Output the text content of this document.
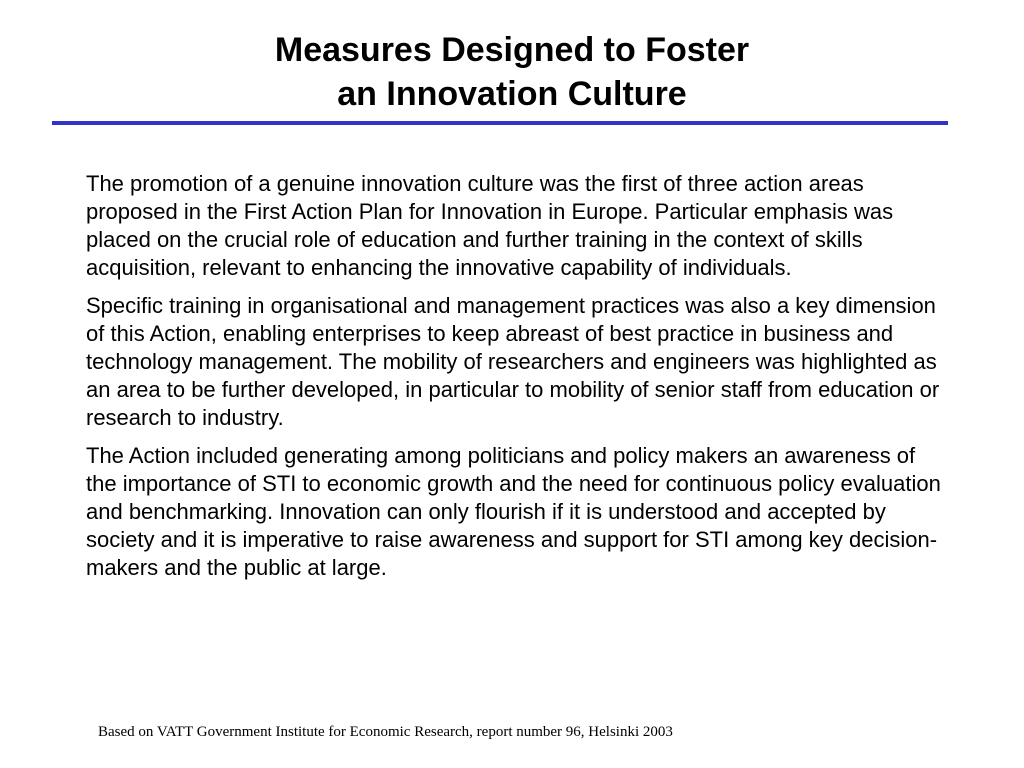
Measures Designed to Foster
an Innovation Culture

The promotion of a genuine innovation culture was the first of three action areas proposed in the First Action Plan for Innovation in Europe. Particular emphasis was placed on the crucial role of education and further training in the context of skills acquisition, relevant to enhancing the innovative capability of individuals.

Specific training in organisational and management practices was also a key dimension of this Action, enabling enterprises to keep abreast of best practice in business and technology management. The mobility of researchers and engineers was highlighted as an area to be further developed, in particular to mobility of senior staff from education or research to industry.

The Action included generating among politicians and policy makers an awareness of the importance of STI to economic growth and the need for continuous policy evaluation and benchmarking. Innovation can only flourish if it is understood and accepted by society and it is imperative to raise awareness and support for STI among key decision-makers and the public at large.

Based on VATT Government Institute for Economic Research, report number 96, Helsinki 2003
